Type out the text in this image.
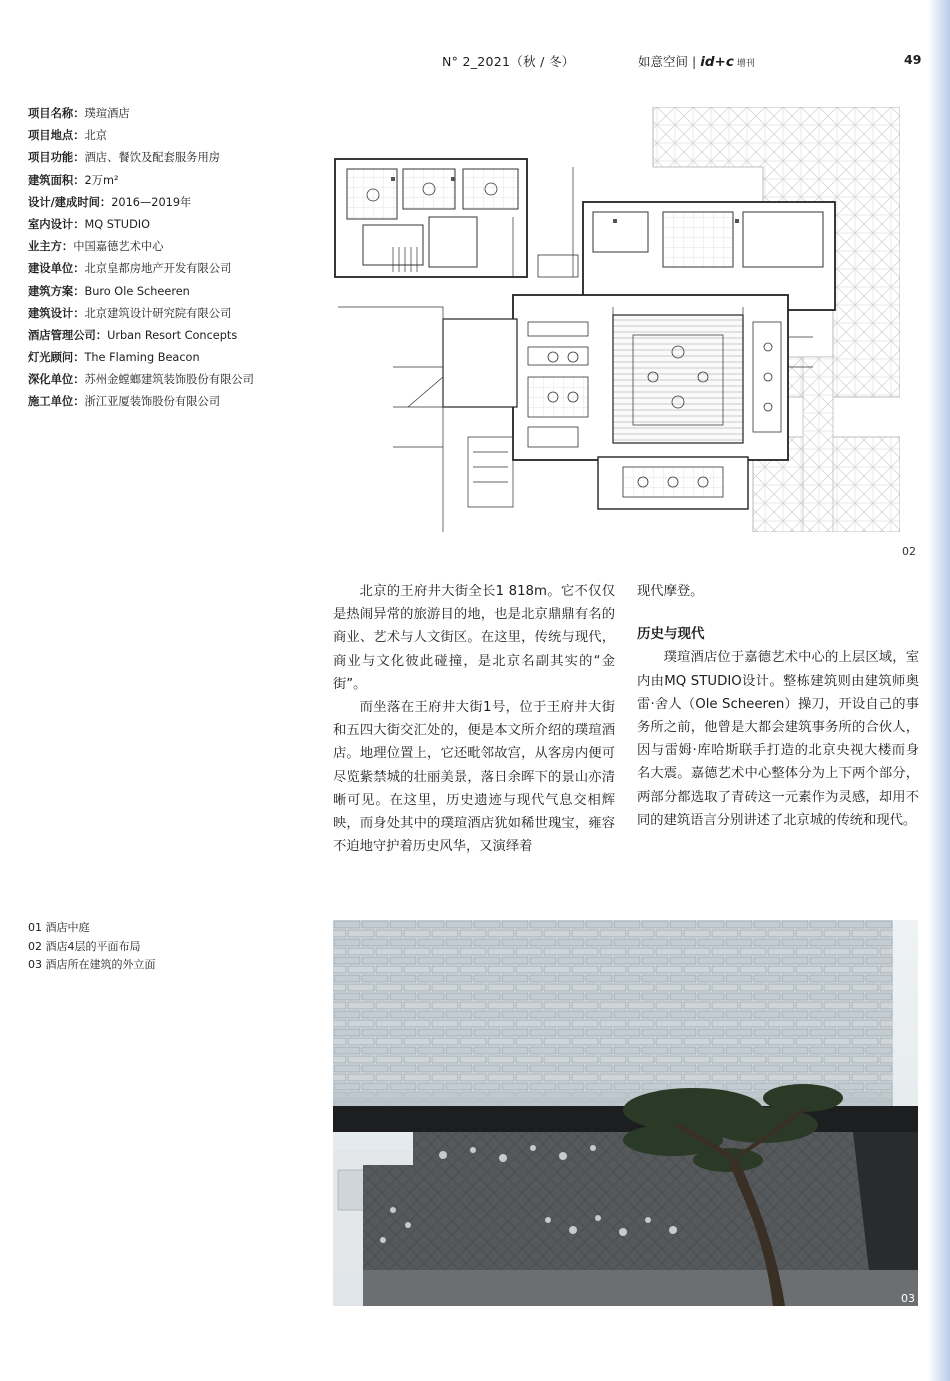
N° 2_2021（秋 / 冬）	如意空间 | id+c 增刊	49
项目名称：璞瑄酒店
项目地点：北京
项目功能：酒店、餐饮及配套服务用房
建筑面积：2万m²
设计/建成时间：2016—2019年
室内设计：MQ STUDIO
业主方：中国嘉德艺术中心
建设单位：北京皇都房地产开发有限公司
建筑方案：Buro Ole Scheeren
建筑设计：北京建筑设计研究院有限公司
酒店管理公司：Urban Resort Concepts
灯光顾问：The Flaming Beacon
深化单位：苏州金螳螂建筑装饰股份有限公司
施工单位：浙江亚厦装饰股份有限公司
02

北京的王府井大街全长1 818m。它不仅仅是热闹异常的旅游目的地，也是北京鼎鼎有名的商业、艺术与人文街区。在这里，传统与现代，商业与文化彼此碰撞，是北京名副其实的“金街”。

而坐落在王府井大街1号，位于王府井大街和五四大街交汇处的，便是本文所介绍的璞瑄酒店。地理位置上，它还毗邻故宫，从客房内便可尽览紫禁城的壮丽美景，落日余晖下的景山亦清晰可见。在这里，历史遗迹与现代气息交相辉映，而身处其中的璞瑄酒店犹如稀世瑰宝，雍容不迫地守护着历史风华，又演绎着

现代摩登。

历史与现代

璞瑄酒店位于嘉德艺术中心的上层区域，室内由MQ STUDIO设计。整栋建筑则由建筑师奥雷·舍人（Ole Scheeren）操刀，开设自己的事务所之前，他曾是大都会建筑事务所的合伙人，因与雷姆·库哈斯联手打造的北京央视大楼而身名大震。嘉德艺术中心整体分为上下两个部分，两部分都选取了青砖这一元素作为灵感，却用不同的建筑语言分别讲述了北京城的传统和现代。

01 酒店中庭
02 酒店4层的平面布局
03 酒店所在建筑的外立面
03
